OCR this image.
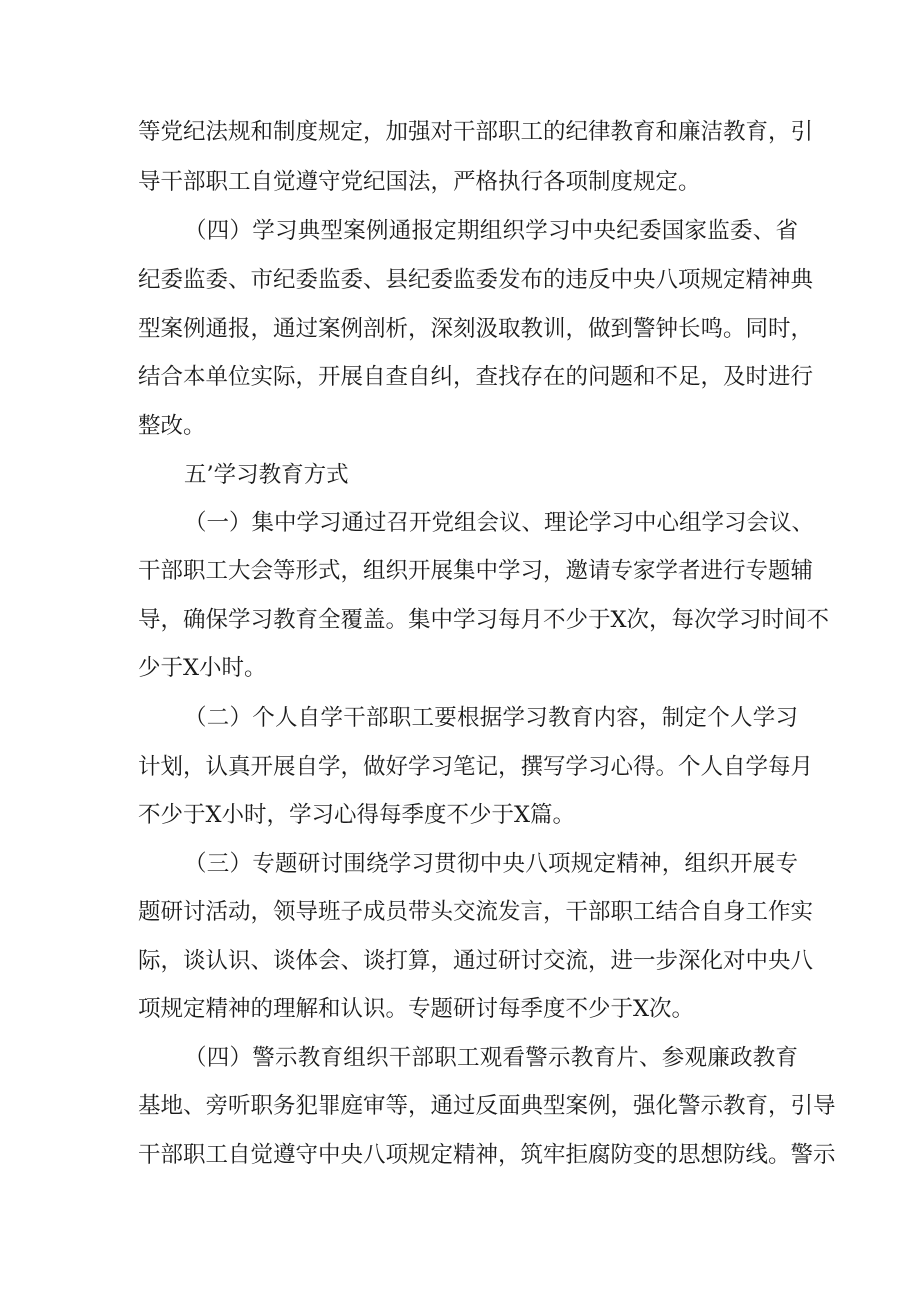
等党纪法规和制度规定，加强对干部职工的纪律教育和廉洁教育，引
导干部职工自觉遵守党纪国法，严格执行各项制度规定。
（四）学习典型案例通报定期组织学习中央纪委国家监委、省
纪委监委、市纪委监委、县纪委监委发布的违反中央八项规定精神典
型案例通报，通过案例剖析，深刻汲取教训，做到警钟长鸣。同时，
结合本单位实际，开展自查自纠，查找存在的问题和不足，及时进行
整改。
五’学习教育方式
（一）集中学习通过召开党组会议、理论学习中心组学习会议、
干部职工大会等形式，组织开展集中学习，邀请专家学者进行专题辅
导，确保学习教育全覆盖。集中学习每月不少于X次，每次学习时间不
少于X小时。
（二）个人自学干部职工要根据学习教育内容，制定个人学习
计划，认真开展自学，做好学习笔记，撰写学习心得。个人自学每月
不少于X小时，学习心得每季度不少于X篇。
（三）专题研讨围绕学习贯彻中央八项规定精神，组织开展专
题研讨活动，领导班子成员带头交流发言，干部职工结合自身工作实
际，谈认识、谈体会、谈打算，通过研讨交流，进一步深化对中央八
项规定精神的理解和认识。专题研讨每季度不少于X次。
（四）警示教育组织干部职工观看警示教育片、参观廉政教育
基地、旁听职务犯罪庭审等，通过反面典型案例，强化警示教育，引导
干部职工自觉遵守中央八项规定精神，筑牢拒腐防变的思想防线。警示
